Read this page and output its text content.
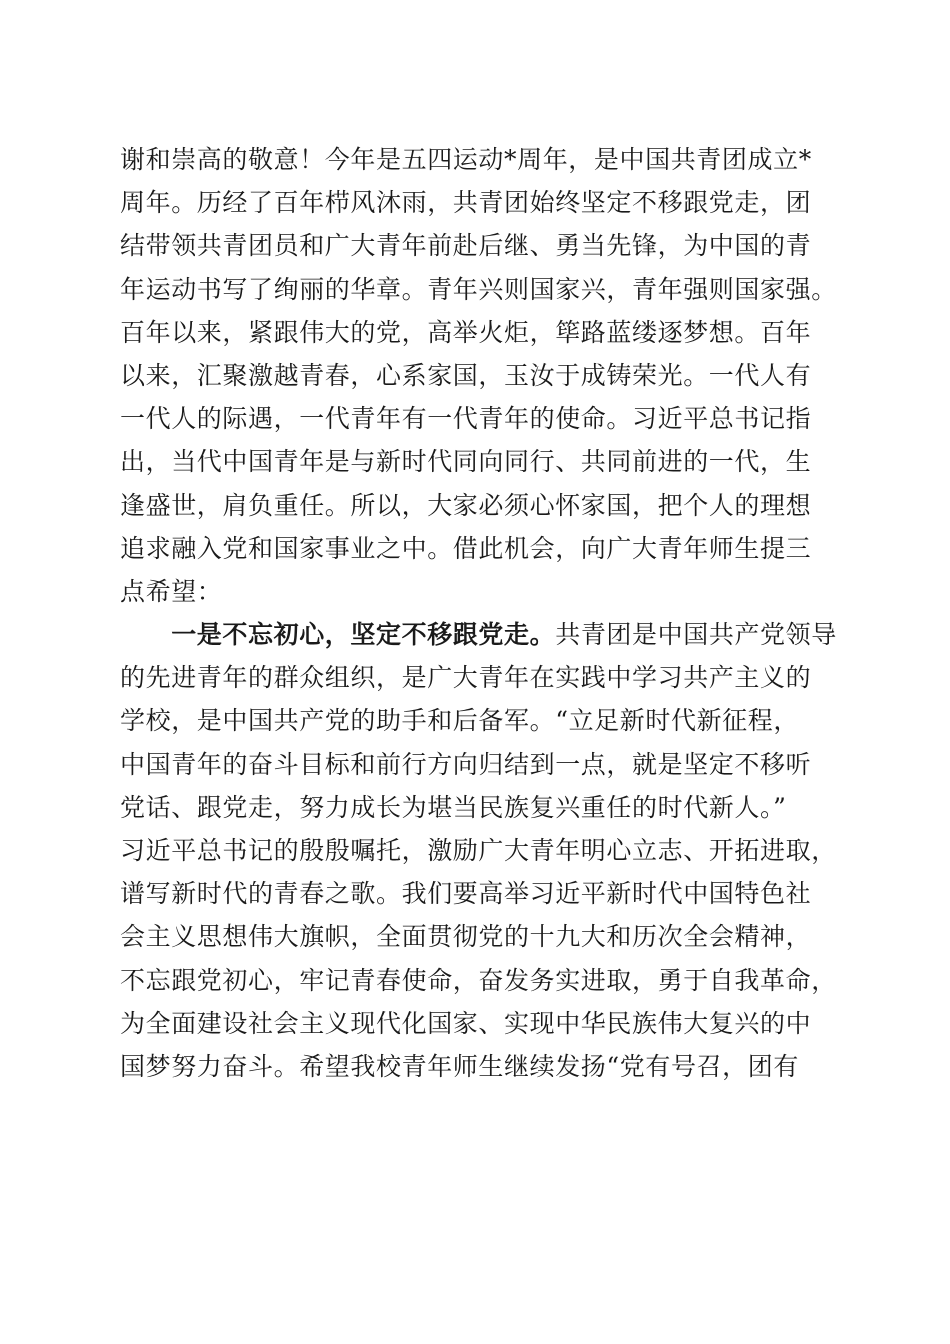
谢和崇高的敬意！今年是五四运动*周年，是中国共青团成立*
周年。历经了百年栉风沐雨，共青团始终坚定不移跟党走，团
结带领共青团员和广大青年前赴后继、勇当先锋，为中国的青
年运动书写了绚丽的华章。青年兴则国家兴，青年强则国家强。
百年以来，紧跟伟大的党，高举火炬，筚路蓝缕逐梦想。百年
以来，汇聚激越青春，心系家国，玉汝于成铸荣光。一代人有
一代人的际遇，一代青年有一代青年的使命。习近平总书记指
出，当代中国青年是与新时代同向同行、共同前进的一代，生
逢盛世，肩负重任。所以，大家必须心怀家国，把个人的理想
追求融入党和国家事业之中。借此机会，向广大青年师生提三
点希望：
　　一是不忘初心，坚定不移跟党走。共青团是中国共产党领导
的先进青年的群众组织，是广大青年在实践中学习共产主义的
学校，是中国共产党的助手和后备军。“立足新时代新征程，
中国青年的奋斗目标和前行方向归结到一点，就是坚定不移听
党话、跟党走，努力成长为堪当民族复兴重任的时代新人。”
习近平总书记的殷殷嘱托，激励广大青年明心立志、开拓进取，
谱写新时代的青春之歌。我们要高举习近平新时代中国特色社
会主义思想伟大旗帜，全面贯彻党的十九大和历次全会精神，
不忘跟党初心，牢记青春使命，奋发务实进取，勇于自我革命，
为全面建设社会主义现代化国家、实现中华民族伟大复兴的中
国梦努力奋斗。希望我校青年师生继续发扬“党有号召，团有
